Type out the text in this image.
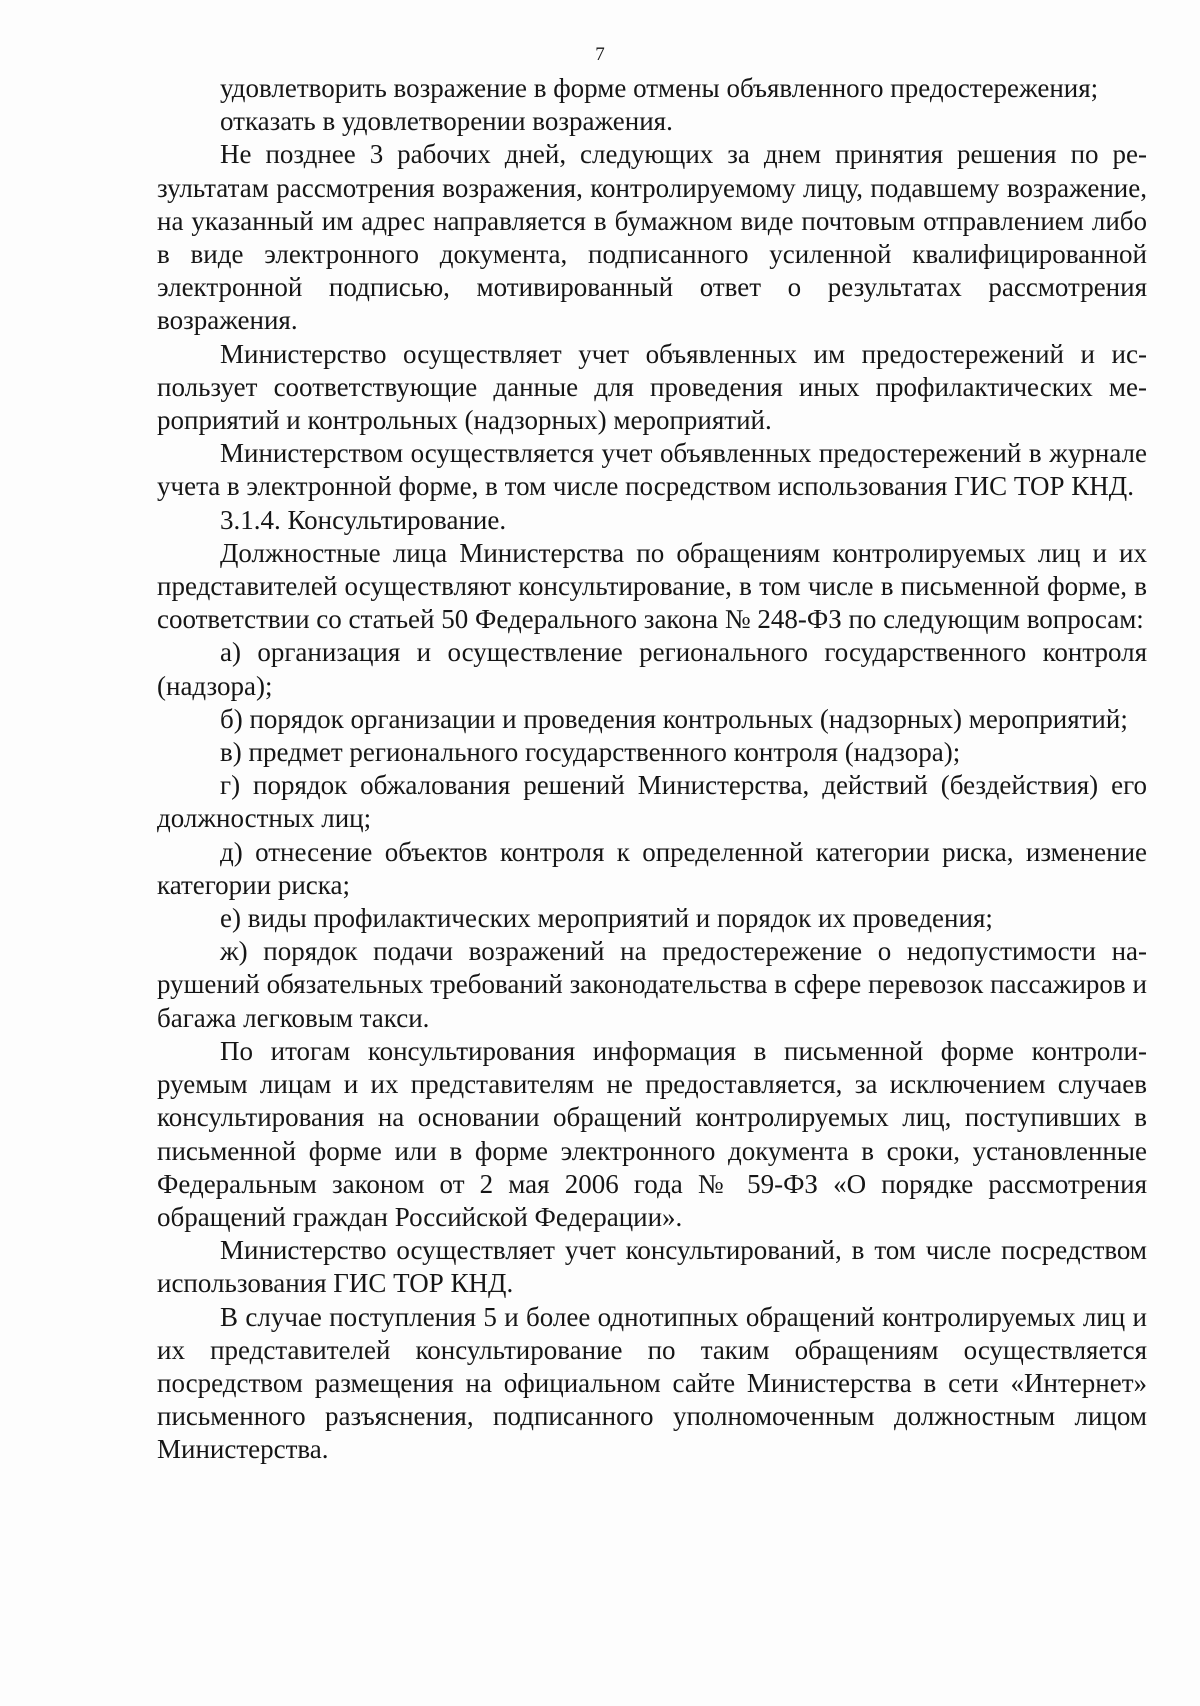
7

удовлетворить возражение в форме отмены объявленного предостережения;

отказать в удовлетворении возражения.

Не позднее 3 рабочих дней, следующих за днем принятия решения по результатам рассмотрения возражения, контролируемому лицу, подавшему возражение, на указанный им адрес направляется в бумажном виде почтовым отправлением либо в виде электронного документа, подписанного усиленной квалифицированной электронной подписью, мотивированный ответ о результатах рассмотрения возражения.

Министерство осуществляет учет объявленных им предостережений и использует соответствующие данные для проведения иных профилактических мероприятий и контрольных (надзорных) мероприятий.

Министерством осуществляется учет объявленных предостережений в журнале учета в электронной форме, в том числе посредством использования ГИС ТОР КНД.

3.1.4. Консультирование.

Должностные лица Министерства по обращениям контролируемых лиц и их представителей осуществляют консультирование, в том числе в письменной форме, в соответствии со статьей 50 Федерального закона № 248-ФЗ по следующим вопросам:

а) организация и осуществление регионального государственного контроля (надзора);

б) порядок организации и проведения контрольных (надзорных) мероприятий;

в) предмет регионального государственного контроля (надзора);

г) порядок обжалования решений Министерства, действий (бездействия) его должностных лиц;

д) отнесение объектов контроля к определенной категории риска, изменение категории риска;

е) виды профилактических мероприятий и порядок их проведения;

ж) порядок подачи возражений на предостережение о недопустимости нарушений обязательных требований законодательства в сфере перевозок пассажиров и багажа легковым такси.

По итогам консультирования информация в письменной форме контролируемым лицам и их представителям не предоставляется, за исключением случаев консультирования на основании обращений контролируемых лиц, поступивших в письменной форме или в форме электронного документа в сроки, установленные Федеральным законом от 2 мая 2006 года № 59-ФЗ «О порядке рассмотрения обращений граждан Российской Федерации».

Министерство осуществляет учет консультирований, в том числе посредством использования ГИС ТОР КНД.

В случае поступления 5 и более однотипных обращений контролируемых лиц и их представителей консультирование по таким обращениям осуществляется посредством размещения на официальном сайте Министерства в сети «Интернет» письменного разъяснения, подписанного уполномоченным должностным лицом Министерства.
